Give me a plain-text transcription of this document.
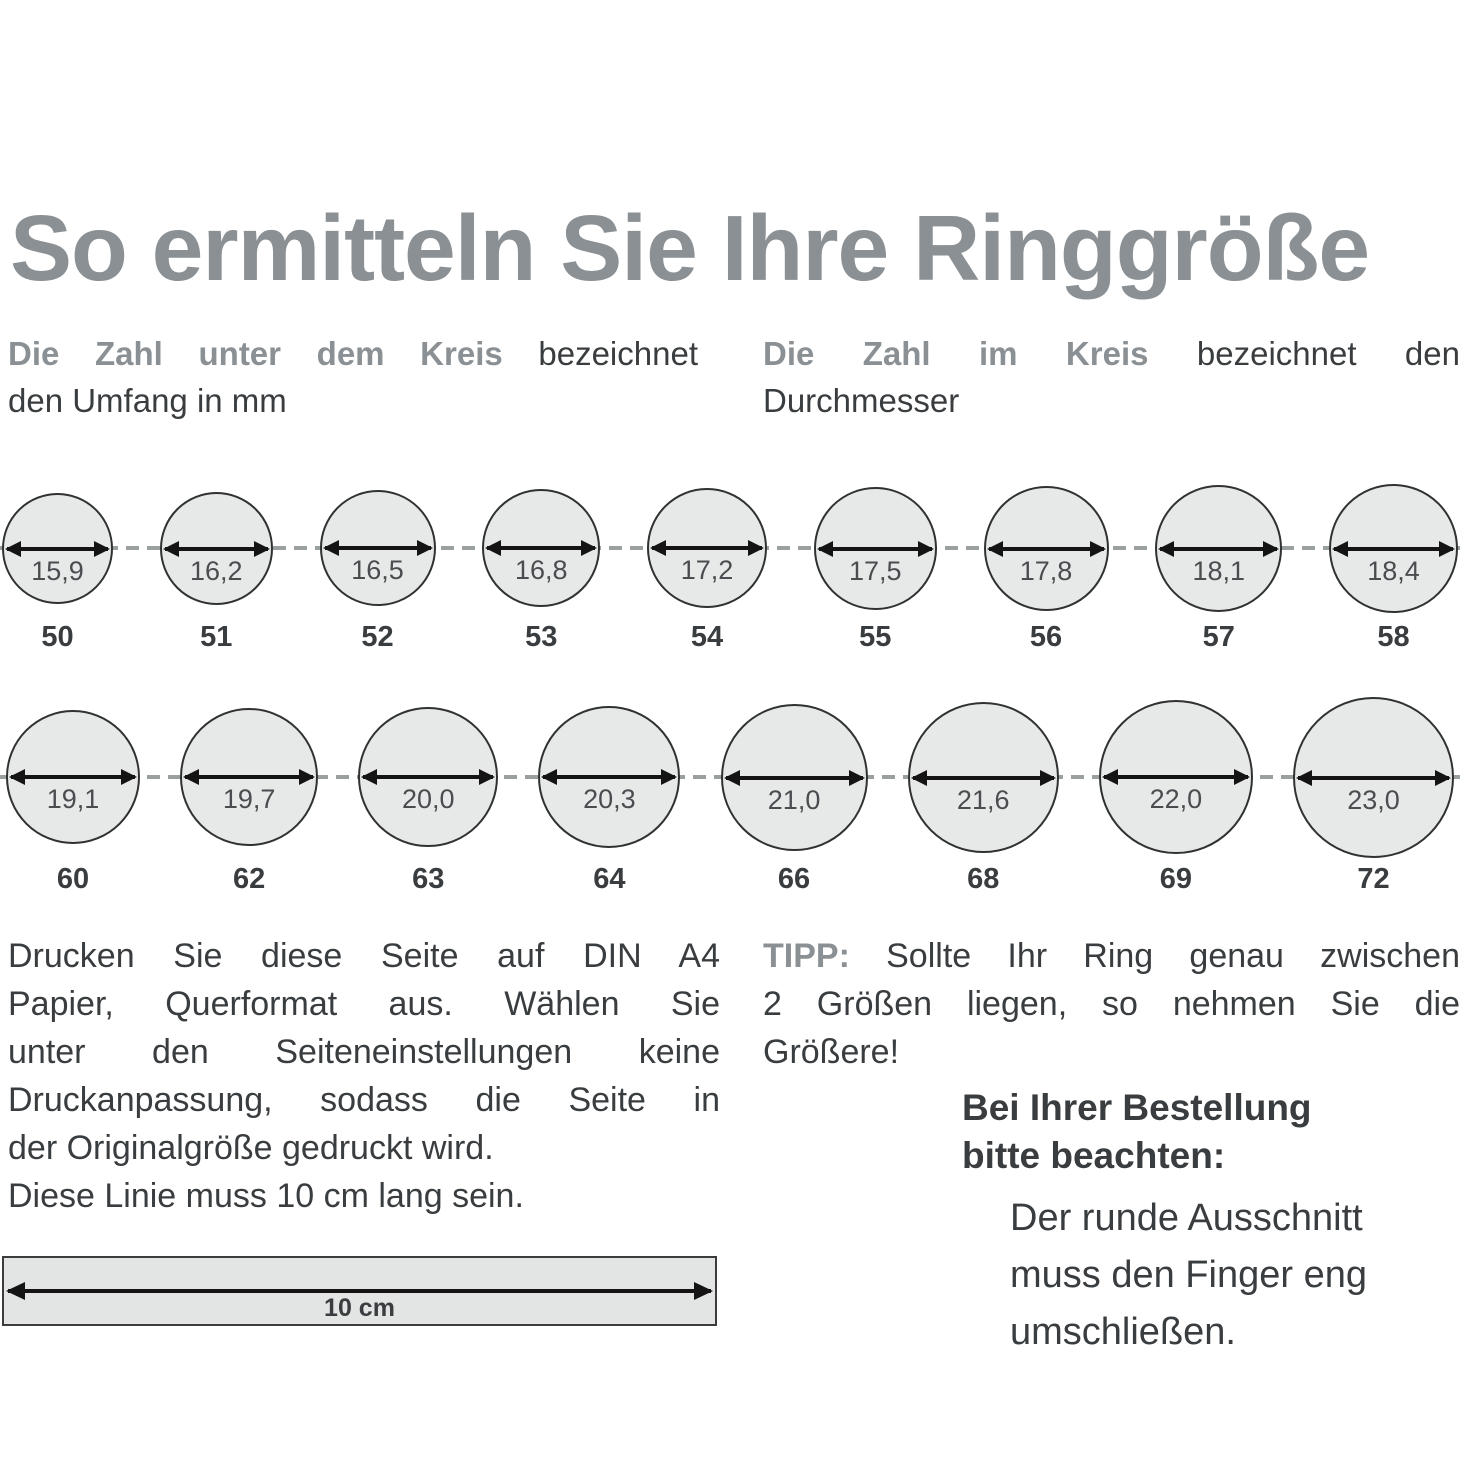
So ermitteln Sie Ihre Ringgröße
Die Zahl unter dem Kreis bezeichnet
den Umfang in mm
Die Zahl im Kreis bezeichnet den
Durchmesser
15,9
50
16,2
51
16,5
52
16,8
53
17,2
54
17,5
55
17,8
56
18,1
57
18,4
58
19,1
60
19,7
62
20,0
63
20,3
64
21,0
66
21,6
68
22,0
69
23,0
72

Drucken Sie diese Seite auf DIN A4
Papier, Querformat aus. Wählen Sie
unter den Seiteneinstellungen keine
Druckanpassung, sodass die Seite in
der Originalgröße gedruckt wird.
Diese Linie muss 10 cm lang sein.

10 cm

TIPP: Sollte Ihr Ring genau zwischen
2 Größen liegen, so nehmen Sie die
Größere!

Bei Ihrer Bestellung
bitte beachten:

Der runde Ausschnitt
muss den Finger eng
umschließen.
